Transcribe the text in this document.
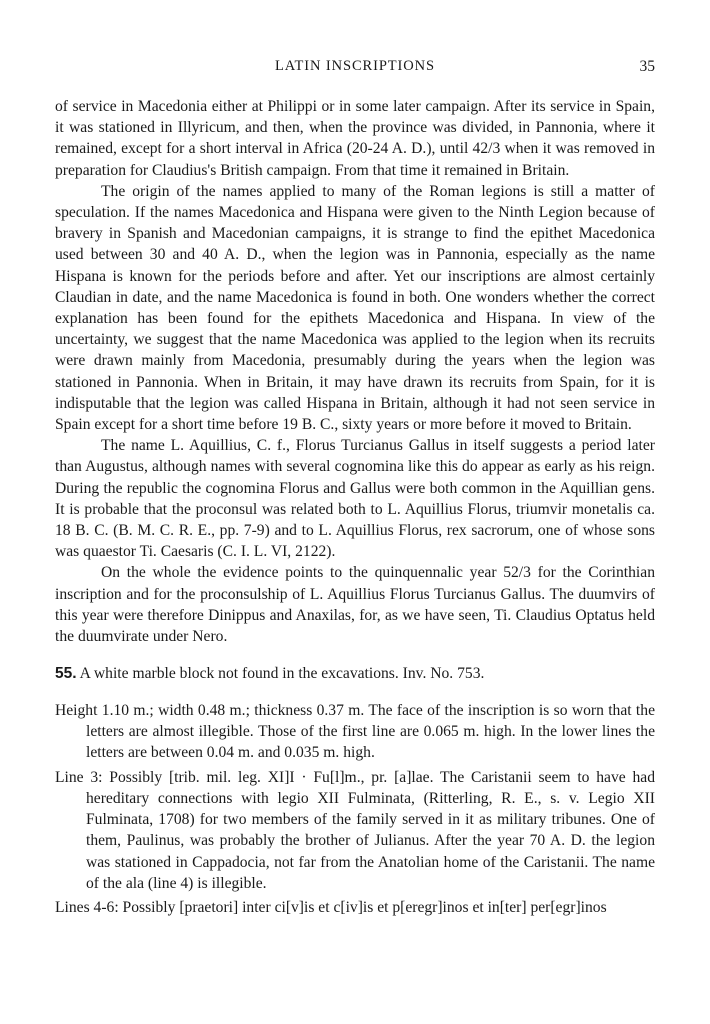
LATIN INSCRIPTIONS	35

of service in Macedonia either at Philippi or in some later campaign. After its service in Spain, it was stationed in Illyricum, and then, when the province was divided, in Pannonia, where it remained, except for a short interval in Africa (20-24 A. D.), until 42/3 when it was removed in preparation for Claudius's British campaign. From that time it remained in Britain.

The origin of the names applied to many of the Roman legions is still a matter of speculation. If the names Macedonica and Hispana were given to the Ninth Legion because of bravery in Spanish and Macedonian campaigns, it is strange to find the epithet Macedonica used between 30 and 40 A. D., when the legion was in Pannonia, especially as the name Hispana is known for the periods before and after. Yet our inscriptions are almost certainly Claudian in date, and the name Macedonica is found in both. One wonders whether the correct explanation has been found for the epithets Macedonica and Hispana. In view of the uncertainty, we suggest that the name Macedonica was applied to the legion when its recruits were drawn mainly from Macedonia, presumably during the years when the legion was stationed in Pannonia. When in Britain, it may have drawn its recruits from Spain, for it is indisputable that the legion was called Hispana in Britain, although it had not seen service in Spain except for a short time before 19 B. C., sixty years or more before it moved to Britain.

The name L. Aquillius, C. f., Florus Turcianus Gallus in itself suggests a period later than Augustus, although names with several cognomina like this do appear as early as his reign. During the republic the cognomina Florus and Gallus were both common in the Aquillian gens. It is probable that the proconsul was related both to L. Aquillius Florus, triumvir monetalis ca. 18 B. C. (B. M. C. R. E., pp. 7-9) and to L. Aquillius Florus, rex sacrorum, one of whose sons was quaestor Ti. Caesaris (C. I. L. VI, 2122).

On the whole the evidence points to the quinquennalic year 52/3 for the Corinthian inscription and for the proconsulship of L. Aquillius Florus Turcianus Gallus. The duumvirs of this year were therefore Dinippus and Anaxilas, for, as we have seen, Ti. Claudius Optatus held the duumvirate under Nero.

55. A white marble block not found in the excavations. Inv. No. 753.

Height 1.10 m.; width 0.48 m.; thickness 0.37 m. The face of the inscription is so worn that the letters are almost illegible. Those of the first line are 0.065 m. high. In the lower lines the letters are between 0.04 m. and 0.035 m. high.

Line 3: Possibly [trib. mil. leg. XI]I · Fu[l]m., pr. [a]lae. The Caristanii seem to have had hereditary connections with legio XII Fulminata, (Ritterling, R. E., s. v. Legio XII Fulminata, 1708) for two members of the family served in it as military tribunes. One of them, Paulinus, was probably the brother of Julianus. After the year 70 A. D. the legion was stationed in Cappadocia, not far from the Anatolian home of the Caristanii. The name of the ala (line 4) is illegible.

Lines 4-6: Possibly [praetori] inter ci[v]is et c[iv]is et p[eregr]inos et in[ter] per[egr]inos
